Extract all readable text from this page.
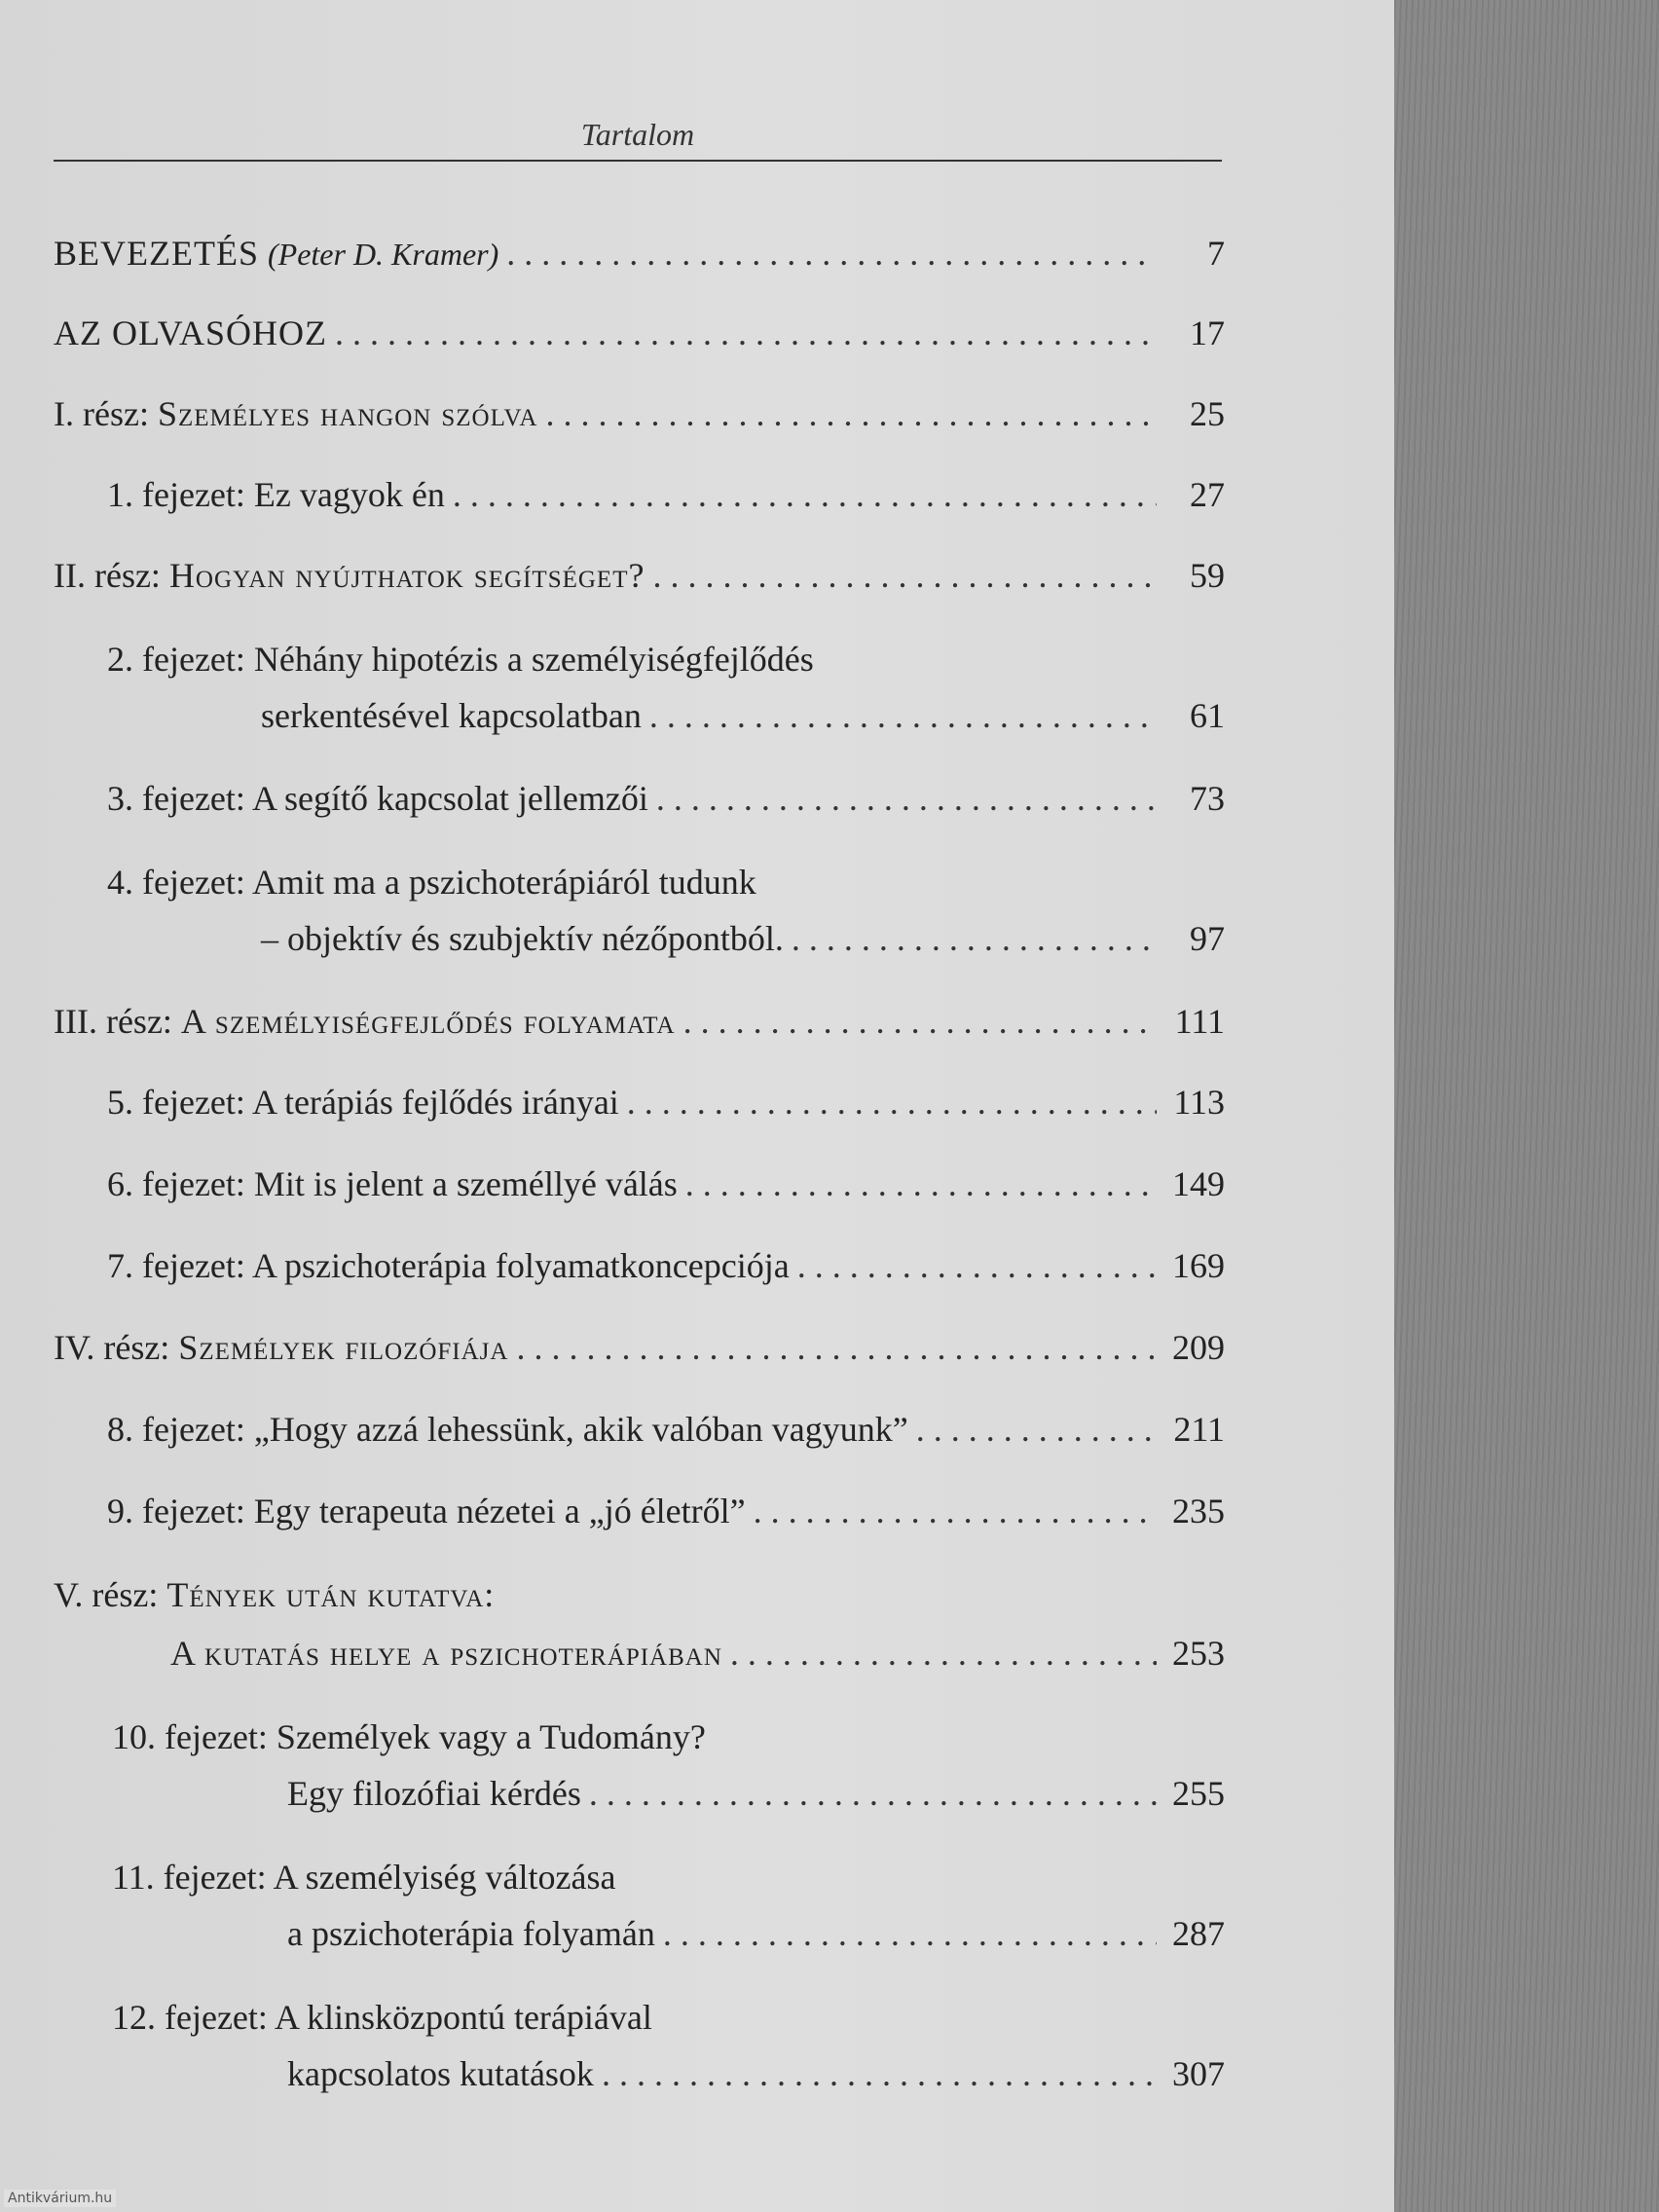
Tartalom
BEVEZETÉS (Peter D. Kramer) . . .	7
AZ OLVASÓHOZ . . .	17
I. rész: Személyes hangon szólva . . .	25
1. fejezet: Ez vagyok én . . .	27
II. rész: Hogyan nyújthatok segítséget? . . .	59
2. fejezet: Néhány hipotézis a személyiségfejlődés
serkentésével kapcsolatban . . .	61
3. fejezet: A segítő kapcsolat jellemzői . . .	73
4. fejezet: Amit ma a pszichoterápiáról tudunk
– objektív és szubjektív nézőpontból. . . .	97
III. rész: A személyiségfejlődés folyamata . . .	111
5. fejezet: A terápiás fejlődés irányai . . .	113
6. fejezet: Mit is jelent a személlyé válás . . .	149
7. fejezet: A pszichoterápia folyamatkoncepciója . . .	169
IV. rész: Személyek filozófiája . . .	209
8. fejezet: „Hogy azzá lehessünk, akik valóban vagyunk” . . .	211
9. fejezet: Egy terapeuta nézetei a „jó életről” . . .	235
V. rész: Tények után kutatva:
A kutatás helye a pszichoterápiában . . .	253
10. fejezet: Személyek vagy a Tudomány?
Egy filozófiai kérdés . . .	255
11. fejezet: A személyiség változása
a pszichoterápia folyamán . . .	287
12. fejezet: A klinsközpontú terápiával
kapcsolatos kutatások . . .	307
Antikvárium.hu
